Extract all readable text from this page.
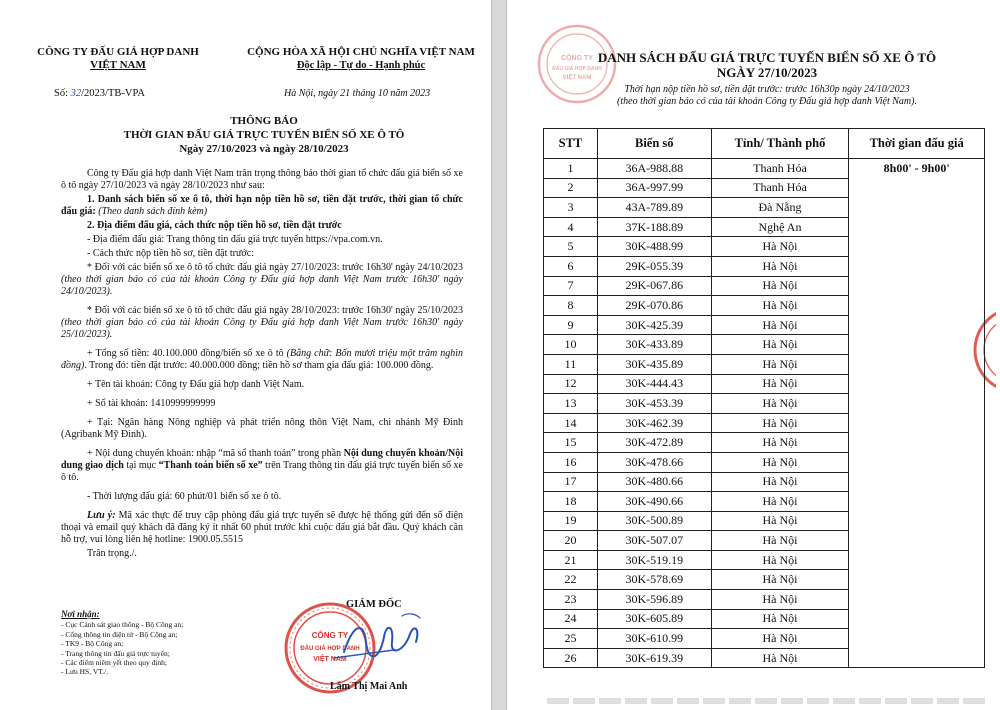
CÔNG TY ĐẤU GIÁ HỢP DANH
VIỆT NAM
CỘNG HÒA XÃ HỘI CHỦ NGHĨA VIỆT NAM
Độc lập - Tự do - Hạnh phúc
Số: 32/2023/TB-VPA	Hà Nội, ngày 21 tháng 10 năm 2023
THÔNG BÁO
THỜI GIAN ĐẤU GIÁ TRỰC TUYẾN BIỂN SỐ XE Ô TÔ
Ngày 27/10/2023 và ngày 28/10/2023

Công ty Đấu giá hợp danh Việt Nam trân trọng thông báo thời gian tổ chức đấu giá biển số xe ô tô ngày 27/10/2023 và ngày 28/10/2023 như sau:

1. Danh sách biển số xe ô tô, thời hạn nộp tiền hồ sơ, tiền đặt trước, thời gian tổ chức đấu giá: (Theo danh sách đính kèm)

2. Địa điểm đấu giá, cách thức nộp tiền hồ sơ, tiền đặt trước

- Địa điểm đấu giá: Trang thông tin đấu giá trực tuyến https://vpa.com.vn.

- Cách thức nộp tiền hồ sơ, tiền đặt trước:

* Đối với các biển số xe ô tô tổ chức đấu giá ngày 27/10/2023: trước 16h30' ngày 24/10/2023 (theo thời gian báo có của tài khoản Công ty Đấu giá hợp danh Việt Nam trước 16h30' ngày 24/10/2023).

* Đối với các biển số xe ô tô tổ chức đấu giá ngày 28/10/2023: trước 16h30' ngày 25/10/2023 (theo thời gian báo có của tài khoản Công ty Đấu giá hợp danh Việt Nam trước 16h30' ngày 25/10/2023).

+ Tổng số tiền: 40.100.000 đồng/biển số xe ô tô (Bằng chữ: Bốn mươi triệu một trăm nghìn đồng). Trong đó: tiền đặt trước: 40.000.000 đồng; tiền hồ sơ tham gia đấu giá: 100.000 đồng.

+ Tên tài khoản: Công ty Đấu giá hợp danh Việt Nam.

+ Số tài khoản: 1410999999999

+ Tại: Ngân hàng Nông nghiệp và phát triển nông thôn Việt Nam, chi nhánh Mỹ Đình (Agribank Mỹ Đình).

+ Nội dung chuyển khoản: nhập “mã số thanh toán” trong phần Nội dung chuyển khoản/Nội dung giao dịch tại mục “Thanh toán biển số xe” trên Trang thông tin đấu giá trực tuyến biển số xe ô tô.

- Thời lượng đấu giá: 60 phút/01 biển số xe ô tô.

Lưu ý: Mã xác thực để truy cập phòng đấu giá trực tuyến sẽ được hệ thống gửi đến số điện thoại và email quý khách đã đăng ký ít nhất 60 phút trước khi cuộc đấu giá bắt đầu. Quý khách cần hỗ trợ, vui lòng liên hệ hotline: 1900.05.5515

Trân trọng./.

Nơi nhận:
- Cục Cảnh sát giao thông - Bộ Công an;
- Cổng thông tin điện tử - Bộ Công an;
- TK9 - Bộ Công an;
- Trang thông tin đấu giá trực tuyến;
- Các điểm niêm yết theo quy định;
- Lưu HS, VT./.
CÔNG TY
ĐẤU GIÁ HỢP DANH
VIỆT NAM
GIÁM ĐỐC
Lâm Thị Mai Anh
CÔNG TY
ĐẤU GIÁ HỢP DANH
VIỆT NAM
DANH SÁCH ĐẤU GIÁ TRỰC TUYẾN BIỂN SỐ XE Ô TÔ
NGÀY 27/10/2023
Thời hạn nộp tiền hồ sơ, tiền đặt trước: trước 16h30p ngày 24/10/2023
(theo thời gian báo có của tài khoản Công ty Đấu giá hợp danh Việt Nam).
STT	Biển số	Tỉnh/ Thành phố	Thời gian đấu giá
1	36A-988.88	Thanh Hóa	8h00' - 9h00'
2	36A-997.99	Thanh Hóa	
3	43A-789.89	Đà Nẵng	
4	37K-188.89	Nghệ An	
5	30K-488.99	Hà Nội	
6	29K-055.39	Hà Nội	
7	29K-067.86	Hà Nội	
8	29K-070.86	Hà Nội	
9	30K-425.39	Hà Nội	
10	30K-433.89	Hà Nội	
11	30K-435.89	Hà Nội	
12	30K-444.43	Hà Nội	
13	30K-453.39	Hà Nội	
14	30K-462.39	Hà Nội	
15	30K-472.89	Hà Nội	
16	30K-478.66	Hà Nội	
17	30K-480.66	Hà Nội	
18	30K-490.66	Hà Nội	
19	30K-500.89	Hà Nội	
20	30K-507.07	Hà Nội	
21	30K-519.19	Hà Nội	
22	30K-578.69	Hà Nội	
23	30K-596.89	Hà Nội	
24	30K-605.89	Hà Nội	
25	30K-610.99	Hà Nội	
26	30K-619.39	Hà Nội	
